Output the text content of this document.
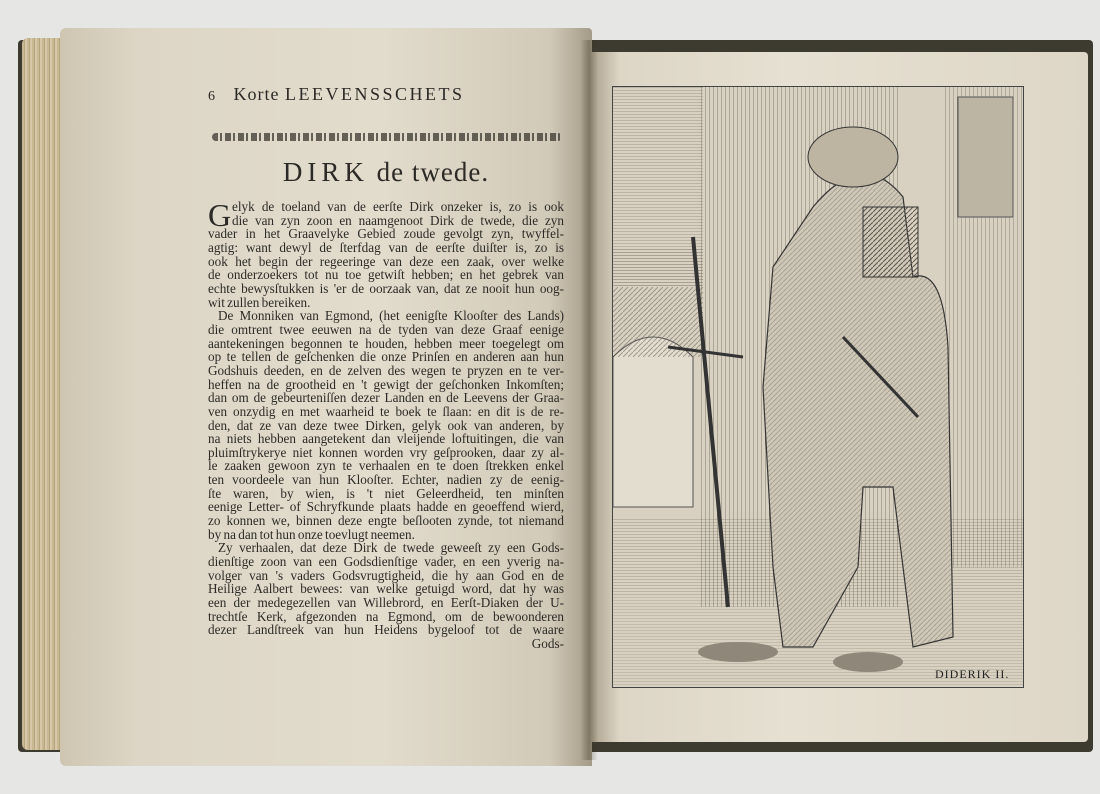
6 Korte LEEVENSSCHETS
DIRK de twede.
G elyk de toeland van de eerſte Dirk onzeker is, zo is ook
die van zyn zoon en naamgenoot Dirk de twede, die zyn
vader in het Graavelyke Gebied zoude gevolgt zyn, twyffel-
agtig: want dewyl de ſterfdag van de eerſte duiſter is, zo is
ook het begin der regeeringe van deze een zaak, over welke
de onderzoekers tot nu toe getwiſt hebben; en het gebrek van
echte bewysſtukken is 'er de oorzaak van, dat ze nooit hun oog-
wit zullen bereiken.
De Monniken van Egmond, (het eenigſte Klooſter des Lands)
die omtrent twee eeuwen na de tyden van deze Graaf eenige
aantekeningen begonnen te houden, hebben meer toegelegt om
op te tellen de geſchenken die onze Prinſen en anderen aan hun
Godshuis deeden, en de zelven des wegen te pryzen en te ver-
heffen na de grootheid en 't gewigt der geſchonken Inkomſten;
dan om de gebeurteniſſen dezer Landen en de Leevens der Graa-
ven onzydig en met waarheid te boek te ſlaan: en dit is de re-
den, dat ze van deze twee Dirken, gelyk ook van anderen, by
na niets hebben aangetekent dan vleijende loftuitingen, die van
pluimſtrykerye niet konnen worden vry geſprooken, daar zy al-
le zaaken gewoon zyn te verhaalen en te doen ſtrekken enkel
ten voordeele van hun Klooſter. Echter, nadien zy de eenig-
ſte waren, by wien, is 't niet Geleerdheid, ten minſten
eenige Letter- of Schryfkunde plaats hadde en geoeffend wierd,
zo konnen we, binnen deze engte beſlooten zynde, tot niemand
by na dan tot hun onze toevlugt neemen.
Zy verhaalen, dat deze Dirk de twede geweeſt zy een Gods-
dienſtige zoon van een Godsdienſtige vader, en een yverig na-
volger van 's vaders Godsvrugtigheid, die hy aan God en de
Heilige Aalbert bewees: van welke getuigd word, dat hy was
een der medegezellen van Willebrord, en Eerſt-Diaken der U-
trechtſe Kerk, afgezonden na Egmond, om de bewoonderen
dezer Landſtreek van hun Heidens bygeloof tot de waare
Gods-
DIDERIK II.
